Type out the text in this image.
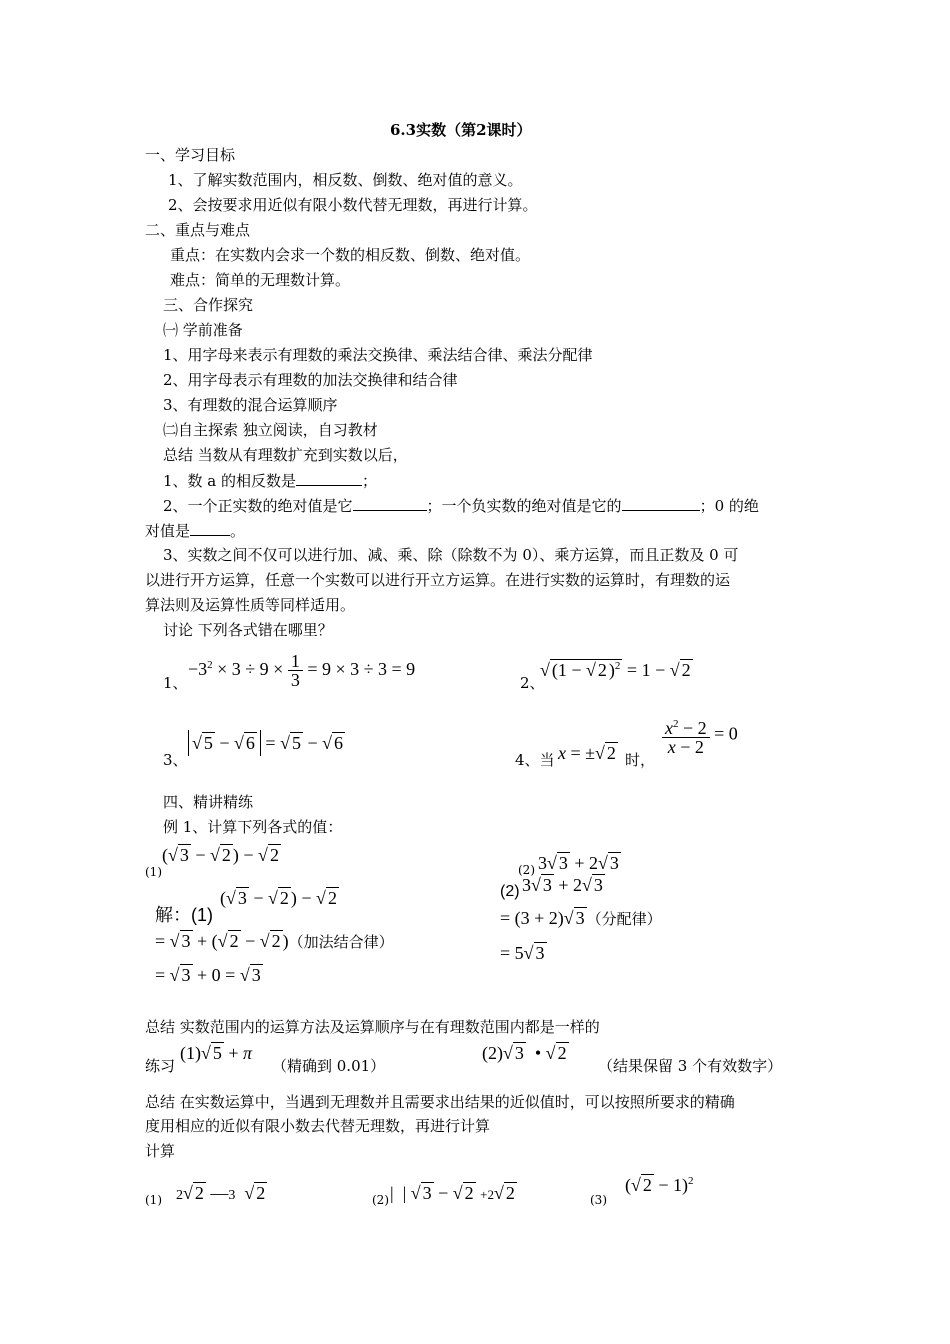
6.3实数（第2课时）
一、学习目标
1、了解实数范围内，相反数、倒数、绝对值的意义。
2、会按要求用近似有限小数代替无理数，再进行计算。
二、重点与难点
重点：在实数内会求一个数的相反数、倒数、绝对值。
难点：简单的无理数计算。
三、合作探究
㈠ 学前准备
1、用字母来表示有理数的乘法交换律、乘法结合律、乘法分配律
2、用字母表示有理数的加法交换律和结合律
3、有理数的混合运算顺序
㈡自主探索 独立阅读，自习教材
总结 当数从有理数扩充到实数以后，
1、数 a 的相反数是	；
2、一个正实数的绝对值是它	；一个负实数的绝对值是它的	；0 的绝
对值是	。
3、实数之间不仅可以进行加、减、乘、除（除数不为 0）、乘方运算，而且正数及 0 可
以进行开方运算，任意一个实数可以进行开立方运算。在进行实数的运算时，有理数的运
算法则及运算性质等同样适用。
讨论 下列各式错在哪里？
1、
$-3^2 \times 3 \div 9 \times \frac{1}{3} = 9 \times 3 \div 3 = 9$
2、
√ (1 − √ 2 )$^2$ = 1 − √ 2
3、
√ 5 − √ 6 = √ 5 − √ 6
4、当 x = ±√ 2 时，
$\frac{x^2 - 2}{x - 2} = 0$
四、精讲精练
例 1、计算下列各式的值：
(1)
(√ 3 − √ 2 ) − √ 2
(2) 3√ 3 + 2√ 3
解：(1)
(√ 3 − √ 2 ) − √ 2
= √ 3 + (√ 2 − √ 2 )（加法结合律）
= √ 3 + 0 = √ 3
(2) 3√ 3 + 2√ 3
= (3 + 2)√ 3 （分配律）
= 5√ 3
总结 实数范围内的运算方法及运算顺序与在有理数范围内都是一样的
练习
(1)√ 5 + π
（精确到 0.01）
(2)√ 3  • √ 2
（结果保留 3 个有效数字）
总结 在实数运算中，当遇到无理数并且需要求出结果的近似值时，可以按照所要求的精确
度用相应的近似有限小数去代替无理数，再进行计算
计算
(1) 2√ 2 —3  √ 2	(2) |  | √ 3 − √ 2 +2√ 2	(3)
(√ 2 − 1)$^2$
